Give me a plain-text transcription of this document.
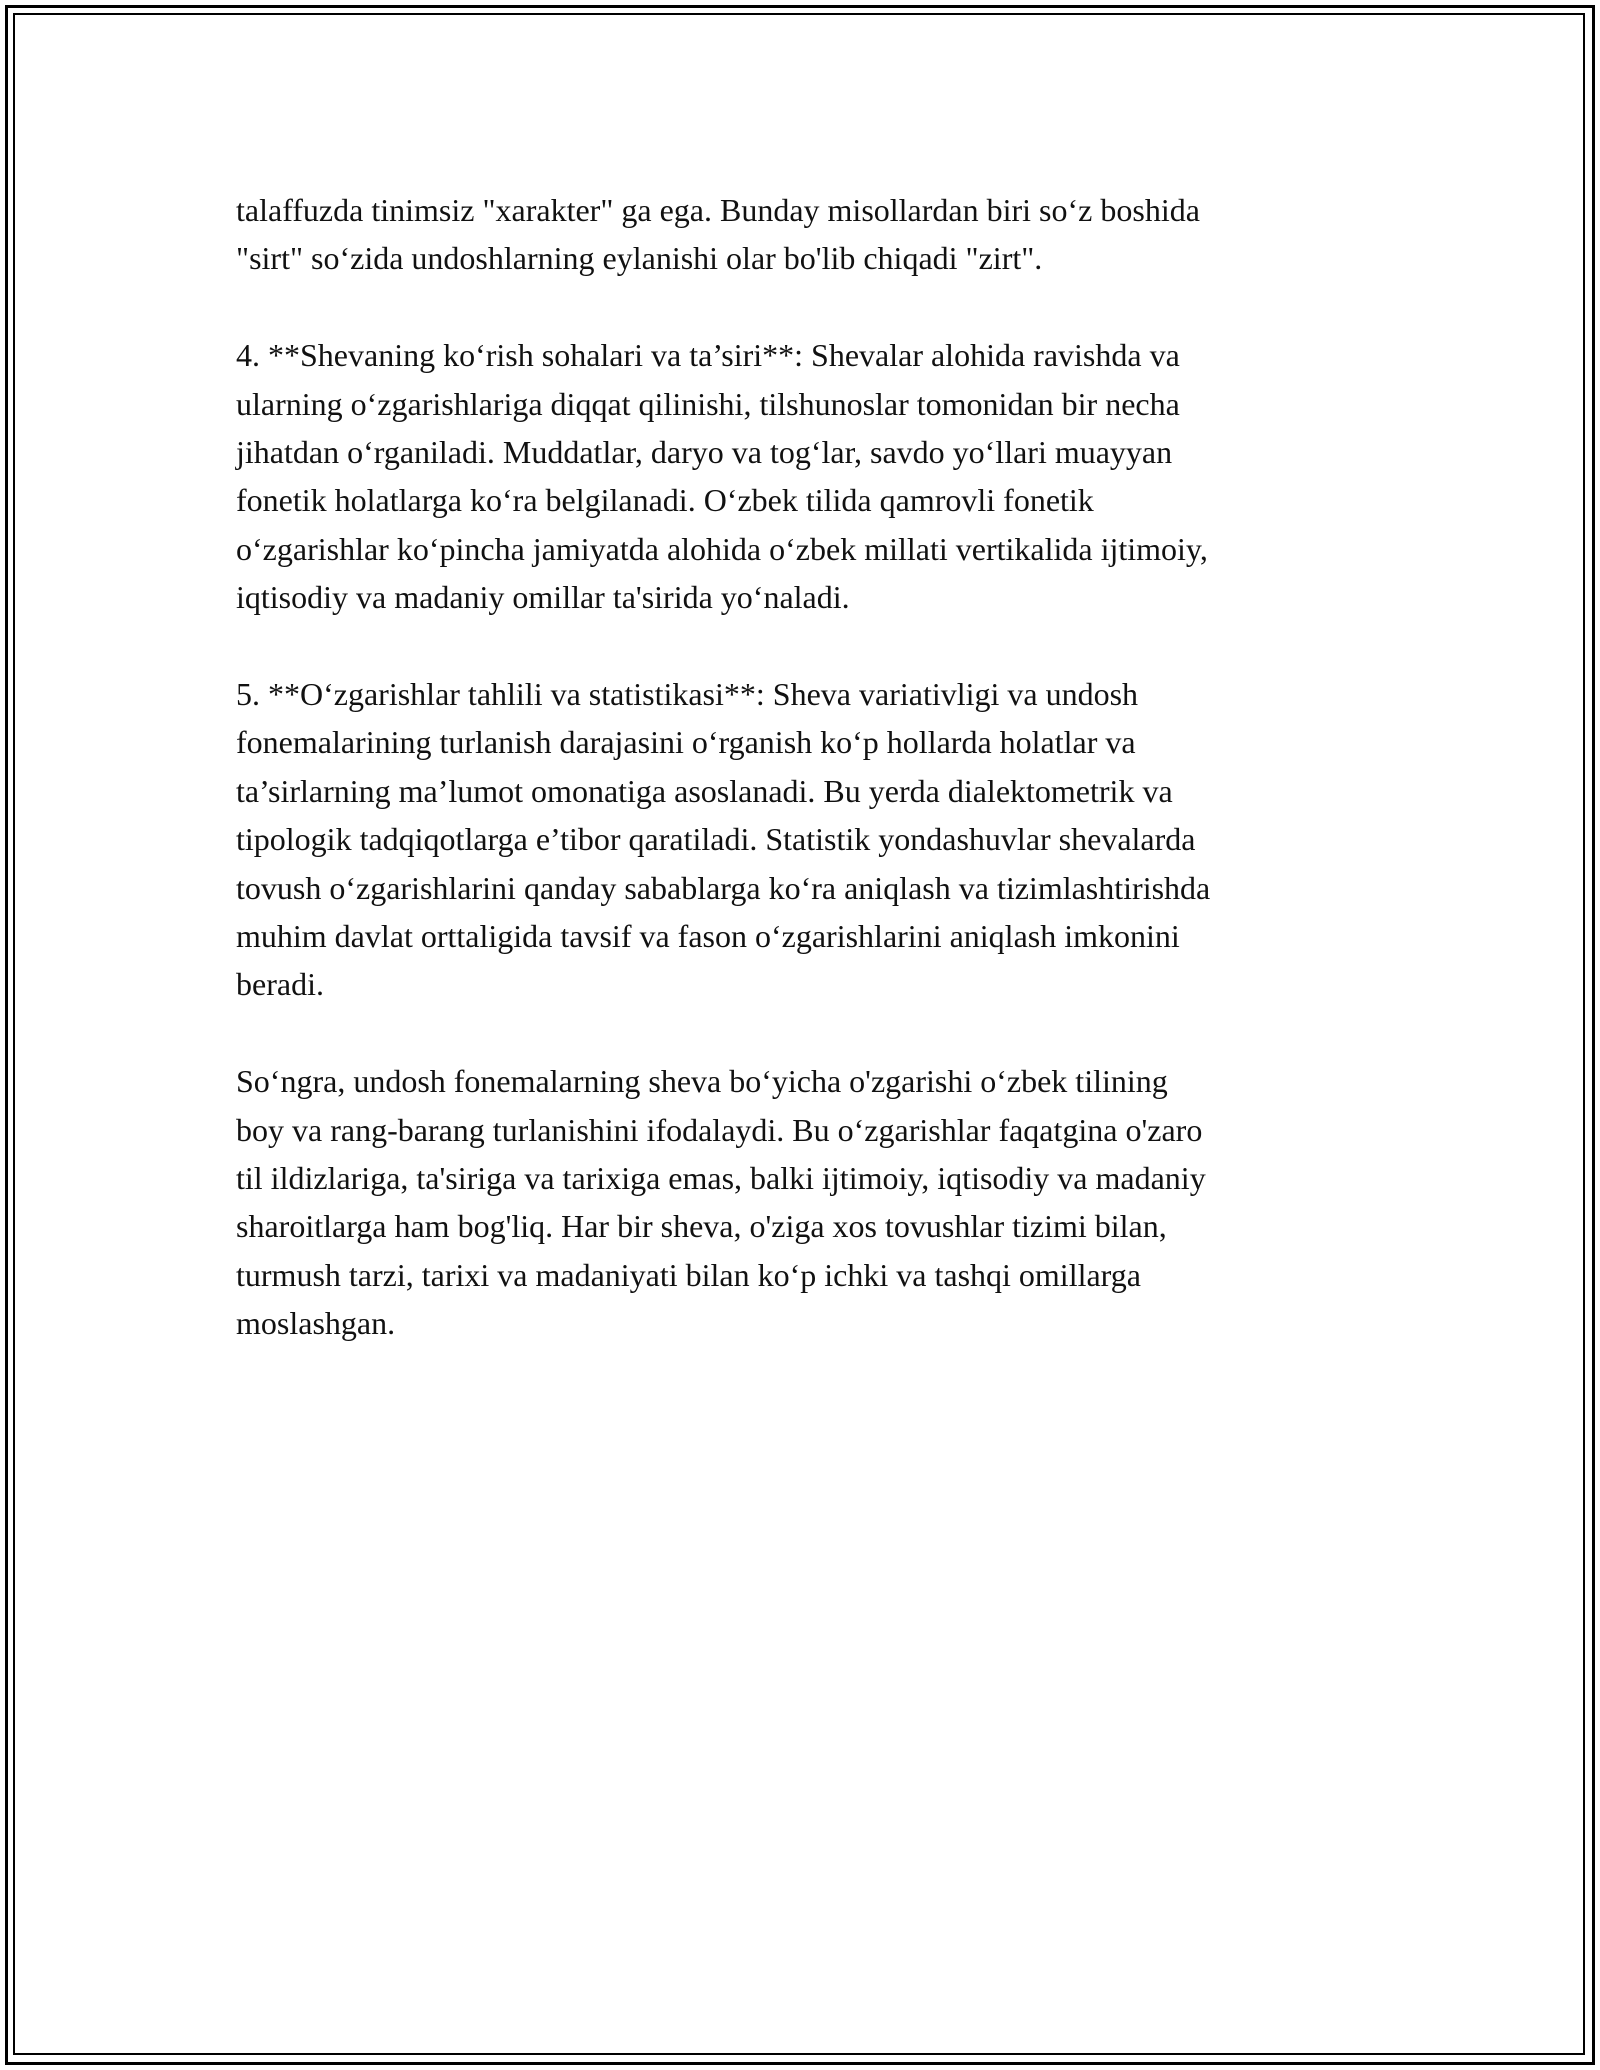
talaffuzda tinimsiz "xarakter" ga ega. Bunday misollardan biri so‘z boshida
"sirt" so‘zida undoshlarning eylanishi olar bo'lib chiqadi "zirt".

4. **Shevaning ko‘rish sohalari va ta’siri**: Shevalar alohida ravishda va
ularning o‘zgarishlariga diqqat qilinishi, tilshunoslar tomonidan bir necha
jihatdan o‘rganiladi. Muddatlar, daryo va tog‘lar, savdo yo‘llari muayyan
fonetik holatlarga ko‘ra belgilanadi. O‘zbek tilida qamrovli fonetik
o‘zgarishlar ko‘pincha jamiyatda alohida o‘zbek millati vertikalida ijtimoiy,
iqtisodiy va madaniy omillar ta'sirida yo‘naladi.

5. **O‘zgarishlar tahlili va statistikasi**: Sheva variativligi va undosh
fonemalarining turlanish darajasini o‘rganish ko‘p hollarda holatlar va
ta’sirlarning ma’lumot omonatiga asoslanadi. Bu yerda dialektometrik va
tipologik tadqiqotlarga e’tibor qaratiladi. Statistik yondashuvlar shevalarda
tovush o‘zgarishlarini qanday sabablarga ko‘ra aniqlash va tizimlashtirishda
muhim davlat orttaligida tavsif va fason o‘zgarishlarini aniqlash imkonini
beradi.

So‘ngra, undosh fonemalarning sheva bo‘yicha o'zgarishi o‘zbek tilining
boy va rang-barang turlanishini ifodalaydi. Bu o‘zgarishlar faqatgina o'zaro
til ildizlariga, ta'siriga va tarixiga emas, balki ijtimoiy, iqtisodiy va madaniy
sharoitlarga ham bog'liq. Har bir sheva, o'ziga xos tovushlar tizimi bilan,
turmush tarzi, tarixi va madaniyati bilan ko‘p ichki va tashqi omillarga
moslashgan.
